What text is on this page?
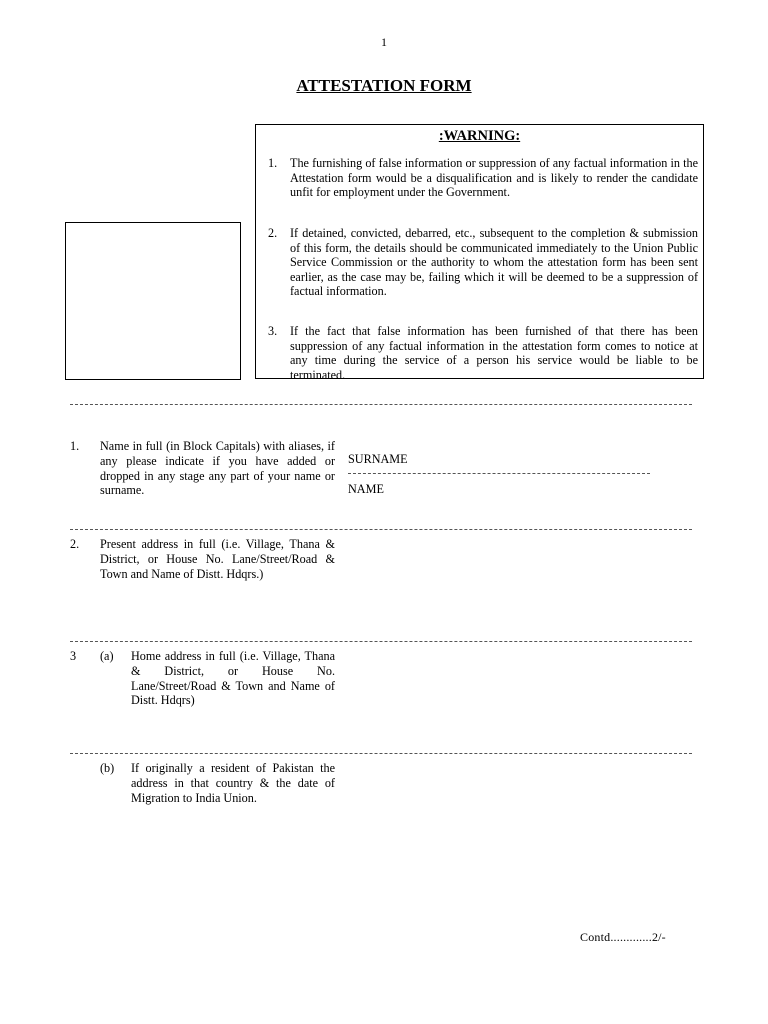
1
ATTESTATION FORM
:WARNING:
1. The furnishing of false information or suppression of any factual information in the Attestation form would be a disqualification and is likely to render the candidate unfit for employment under the Government.
2. If detained, convicted, debarred, etc., subsequent to the completion & submission of this form, the details should be communicated immediately to the Union Public Service Commission or the authority to whom the attestation form has been sent earlier, as the case may be, failing which it will be deemed to be a suppression of factual information.
3. If the fact that false information has been furnished of that there has been suppression of any factual information in the attestation form comes to notice at any time during the service of a person his service would be liable to be terminated.
1. Name in full (in Block Capitals) with aliases, if any please indicate if you have added or dropped in any stage any part of your name or surname.
SURNAME
NAME
2. Present address in full (i.e. Village, Thana & District, or House No. Lane/Street/Road & Town and Name of Distt. Hdqrs.)
3 (a) Home address in full (i.e. Village, Thana & District, or House No. Lane/Street/Road & Town and Name of Distt. Hdqrs)
(b) If originally a resident of Pakistan the address in that country & the date of Migration to India Union.
Contd.............2/-
